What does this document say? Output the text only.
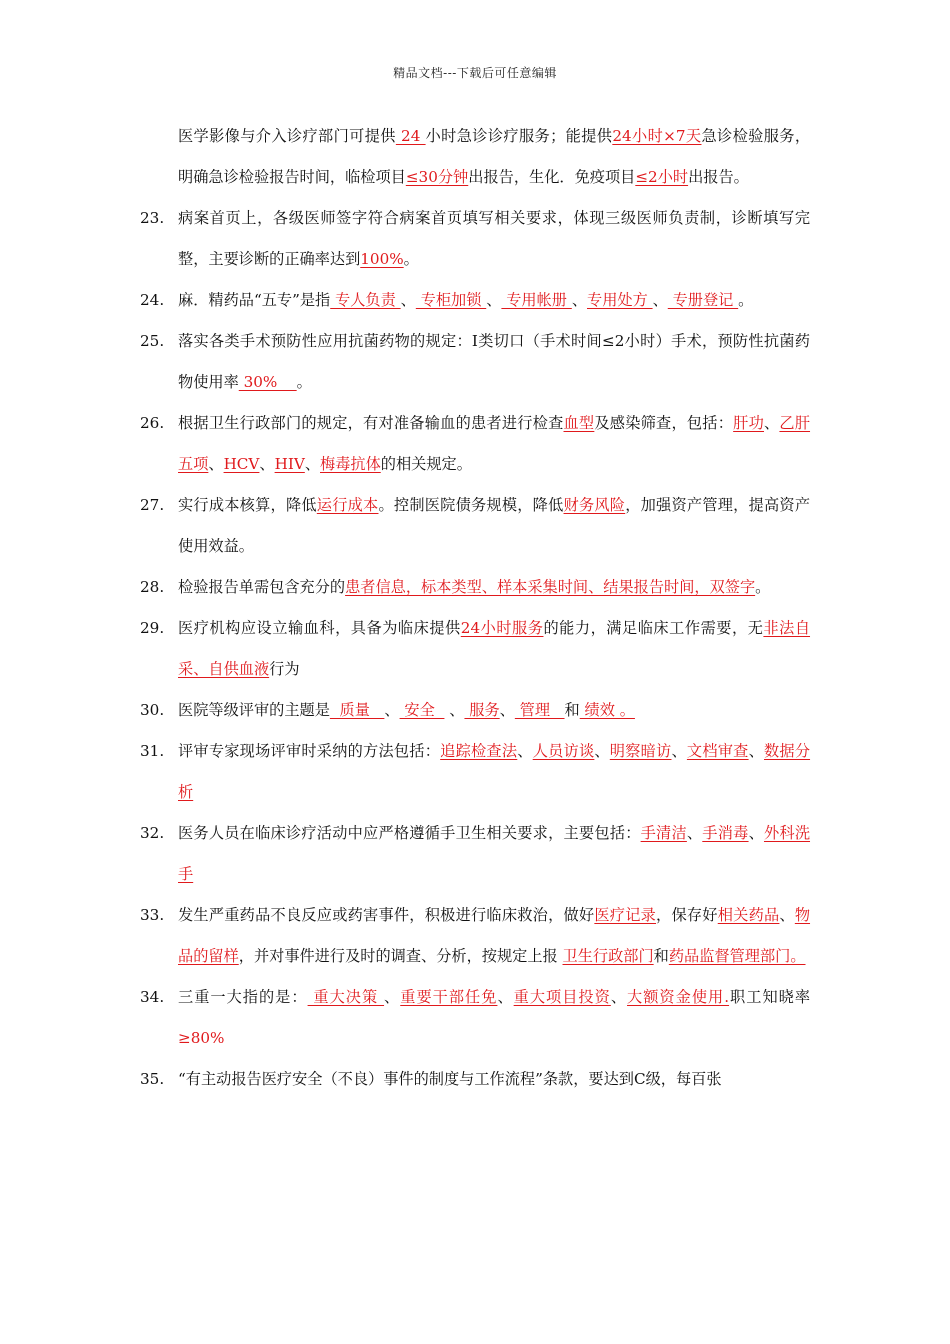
精品文档---下载后可任意编辑
医学影像与介入诊疗部门可提供 24 小时急诊诊疗服务；能提供24小时×7天急诊检验服务，明确急诊检验报告时间，临检项目≤30分钟出报告，生化．免疫项目≤2小时出报告。
23. 病案首页上，各级医师签字符合病案首页填写相关要求，体现三级医师负责制，诊断填写完整，主要诊断的正确率达到100%。
24. 麻．精药品“五专”是指 专人负责 、 专柜加锁 、 专用帐册 、专用处方 、 专册登记 。
25. 落实各类手术预防性应用抗菌药物的规定：Ⅰ类切口（手术时间≤2小时）手术，预防性抗菌药物使用率 30%    。
26. 根据卫生行政部门的规定，有对准备输血的患者进行检查血型及感染筛查，包括：肝功、乙肝五项、HCV、HIV、梅毒抗体的相关规定。
27. 实行成本核算，降低运行成本。控制医院债务规模，降低财务风险，加强资产管理，提高资产使用效益。
28. 检验报告单需包含充分的患者信息，标本类型、样本采集时间、结果报告时间，双签字。
29. 医疗机构应设立输血科，具备为临床提供24小时服务的能力，满足临床工作需要，无非法自采、自供血液行为
30. 医院等级评审的主题是  质量   、 安全   、 服务、 管理   和 绩效 。
31. 评审专家现场评审时采纳的方法包括：追踪检查法、人员访谈、明察暗访、文档审查、数据分析
32. 医务人员在临床诊疗活动中应严格遵循手卫生相关要求，主要包括：手清洁、手消毒、外科洗手
33. 发生严重药品不良反应或药害事件，积极进行临床救治，做好医疗记录，保存好相关药品、物品的留样，并对事件进行及时的调查、分析，按规定上报 卫生行政部门和药品监督管理部门。
34. 三重一大指的是： 重大决策 、重要干部任免、重大项目投资、大额资金使用.职工知晓率≥80%
35. “有主动报告医疗安全（不良）事件的制度与工作流程”条款，要达到C级，每百张
